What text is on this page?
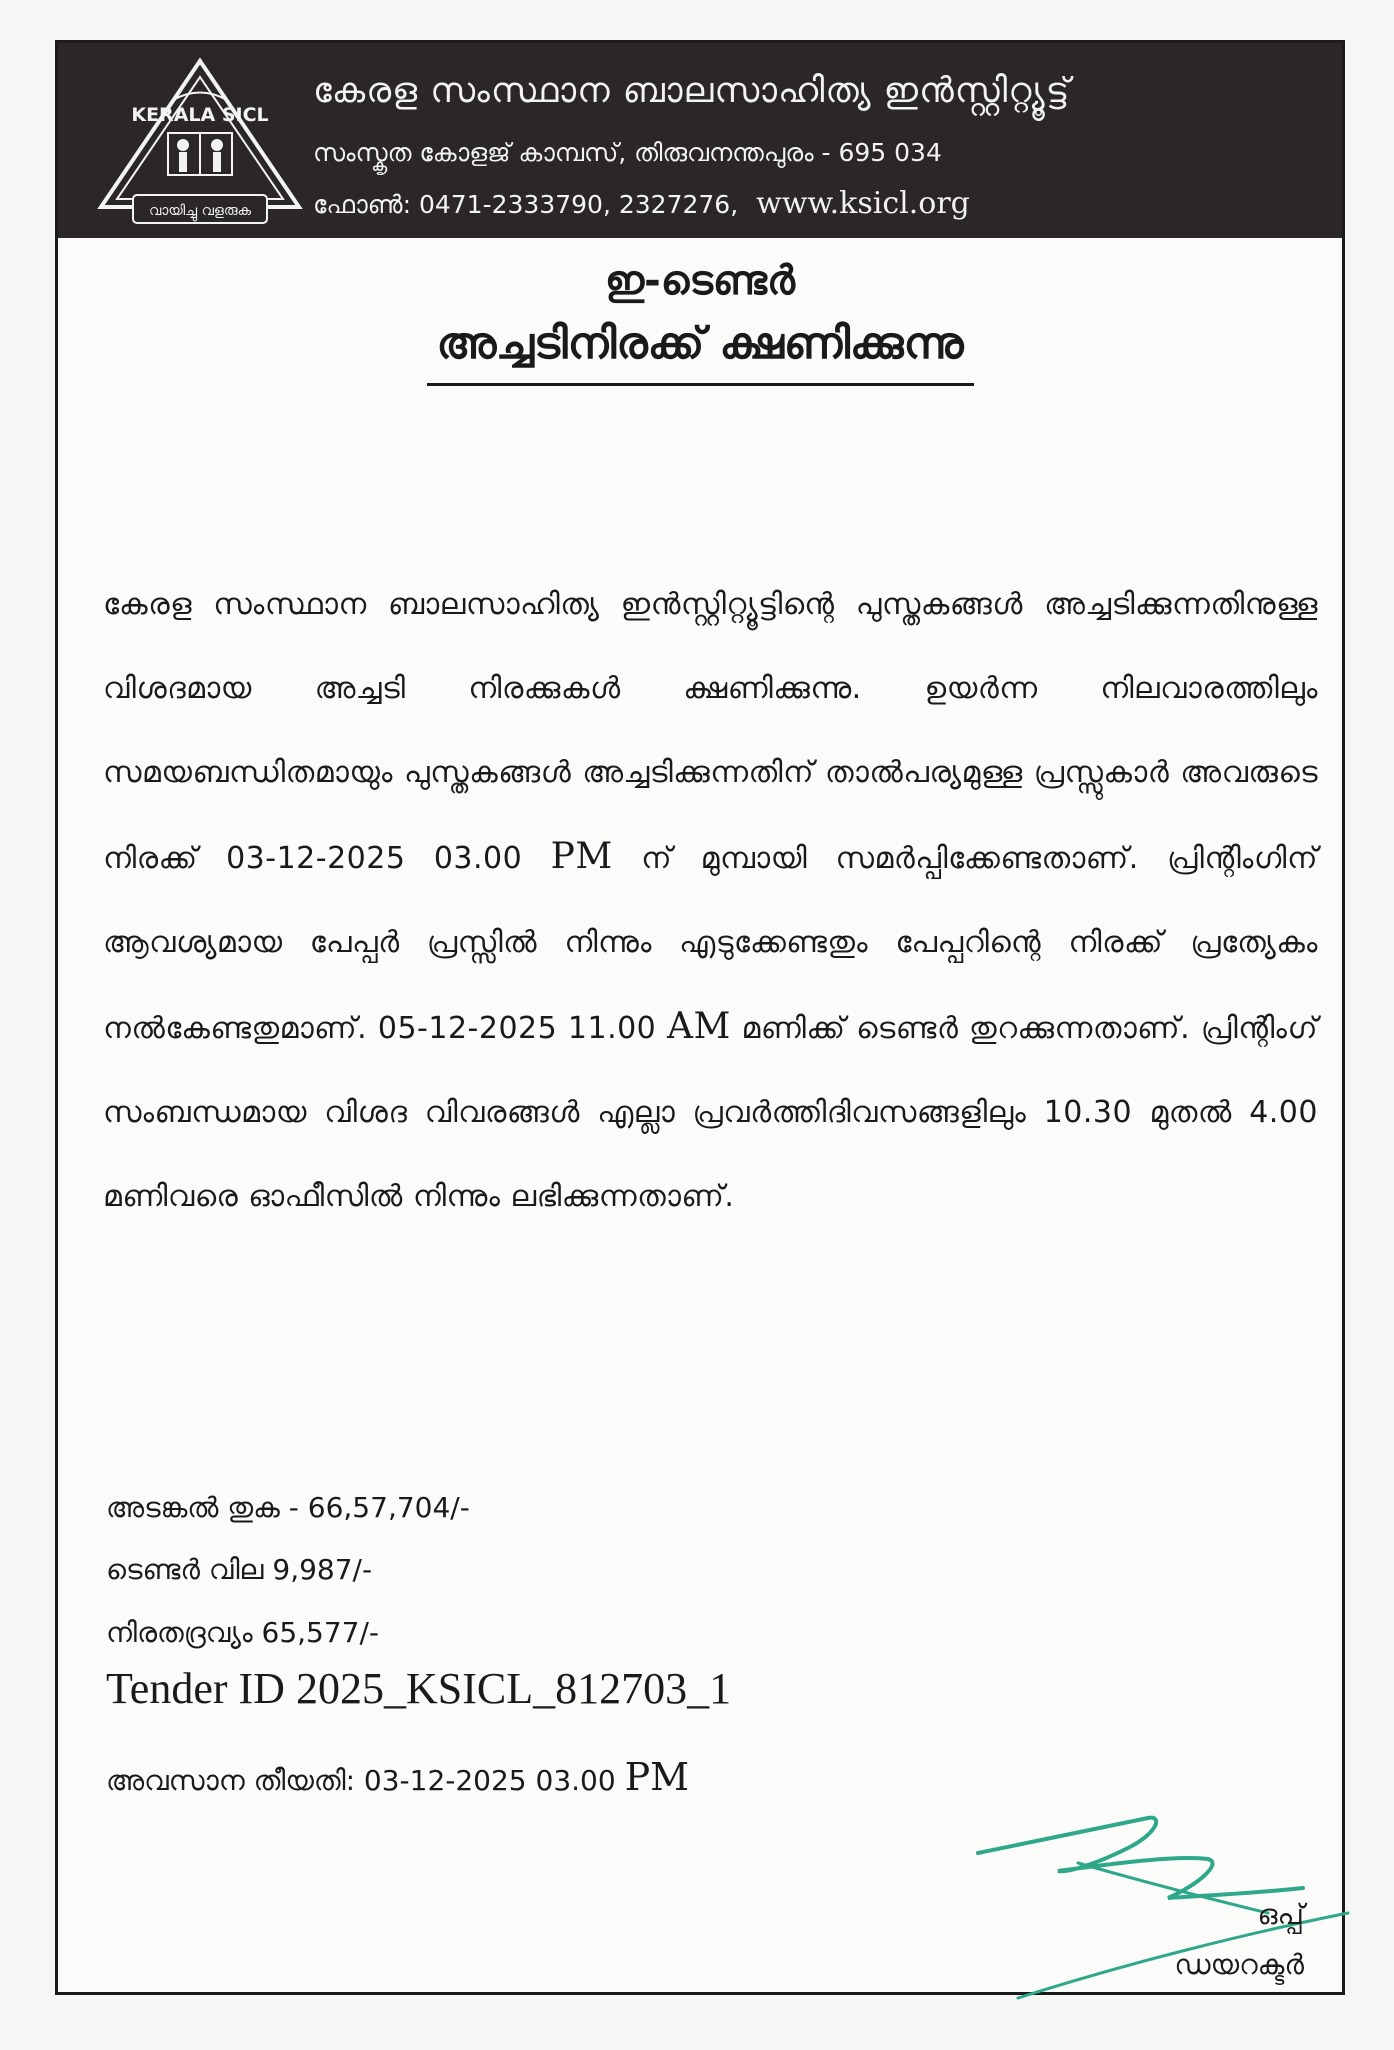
KERALA SICL
വായിച്ചു വളരുക
കേരള സംസ്ഥാന ബാലസാഹിത്യ ഇൻസ്റ്റിറ്റ്യൂട്ട്
സംസ്കൃത കോളജ് കാമ്പസ്, തിരുവനന്തപുരം - 695 034
ഫോൺ: 0471-2333790, 2327276, www.ksicl.org
ഇ-ടെണ്ടർ
അച്ചടിനിരക്ക് ക്ഷണിക്കുന്നു
കേരള സംസ്ഥാന ബാലസാഹിത്യ ഇൻസ്റ്റിറ്റ്യൂട്ടിന്റെ പുസ്തകങ്ങൾ അച്ചടിക്കുന്നതിനുള്ള വിശദമായ അച്ചടി നിരക്കുകൾ ക്ഷണിക്കുന്നു. ഉയർന്ന നിലവാരത്തിലും സമയബന്ധിതമായും പുസ്തകങ്ങൾ അച്ചടിക്കുന്നതിന് താൽപര്യമുള്ള പ്രസ്സുകാർ അവരുടെ നിരക്ക് 03-12-2025 03.00 PM ന് മുമ്പായി സമർപ്പിക്കേണ്ടതാണ്. പ്രിന്റിംഗിന് ആവശ്യമായ പേപ്പർ പ്രസ്സിൽ നിന്നും എടുക്കേണ്ടതും പേപ്പറിന്റെ നിരക്ക് പ്രത്യേകം നൽകേണ്ടതുമാണ്. 05-12-2025 11.00 AM മണിക്ക് ടെണ്ടർ തുറക്കുന്നതാണ്. പ്രിന്റിംഗ് സംബന്ധമായ വിശദ വിവരങ്ങൾ എല്ലാ പ്രവർത്തിദിവസങ്ങളിലും 10.30 മുതൽ 4.00 മണിവരെ ഓഫീസിൽ നിന്നും ലഭിക്കുന്നതാണ്.
അടങ്കൽ തുക - 66,57,704/-
ടെണ്ടർ വില 9,987/-
നിരതദ്രവ്യം 65,577/-
Tender ID 2025_KSICL_812703_1
അവസാന തീയതി: 03-12-2025 03.00 PM
ഒപ്പ്
ഡയറക്ടർ
